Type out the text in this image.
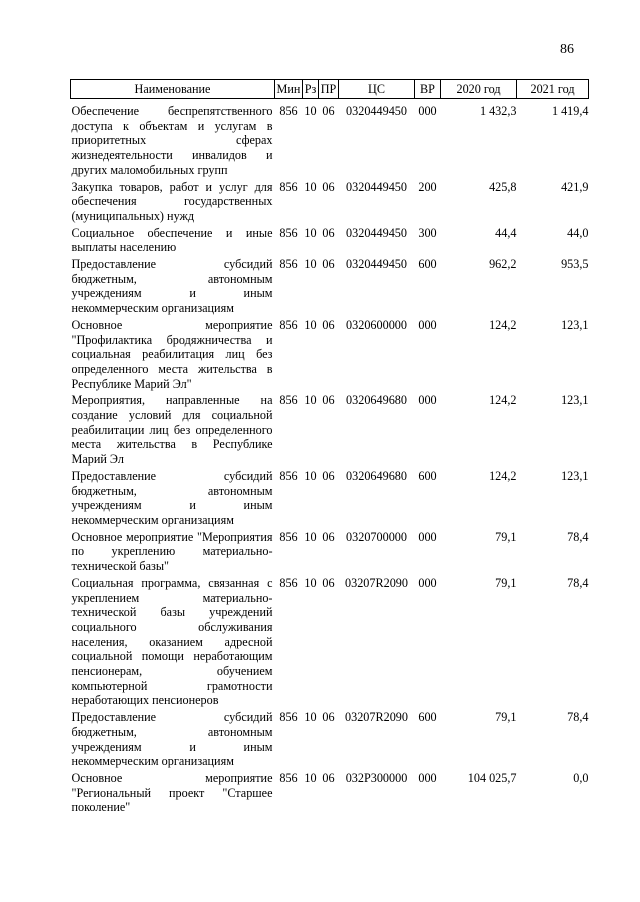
86
Наименование	Мин	Рз	ПР	ЦС	ВР	2020 год	2021 год
Обеспечение беспрепятственного доступа к объектам и услугам в приоритетных сферах жизнедеятельности инвалидов и других маломобильных групп	856	10	06	0320449450	000	1 432,3	1 419,4
Закупка товаров, работ и услуг для обеспечения государственных (муниципальных) нужд	856	10	06	0320449450	200	425,8	421,9
Социальное обеспечение и иные выплаты населению	856	10	06	0320449450	300	44,4	44,0
Предоставление субсидий бюджетным, автономным учреждениям и иным некоммерческим организациям	856	10	06	0320449450	600	962,2	953,5
Основное мероприятие "Профилактика бродяжничества и социальная реабилитация лиц без определенного места жительства в Республике Марий Эл"	856	10	06	0320600000	000	124,2	123,1
Мероприятия, направленные на создание условий для социальной реабилитации лиц без определенного места жительства в Республике Марий Эл	856	10	06	0320649680	000	124,2	123,1
Предоставление субсидий бюджетным, автономным учреждениям и иным некоммерческим организациям	856	10	06	0320649680	600	124,2	123,1
Основное мероприятие "Мероприятия по укреплению материально-технической базы"	856	10	06	0320700000	000	79,1	78,4
Социальная программа, связанная с укреплением материально-технической базы учреждений социального обслуживания населения, оказанием адресной социальной помощи неработающим пенсионерам, обучением компьютерной грамотности неработающих пенсионеров	856	10	06	03207R2090	000	79,1	78,4
Предоставление субсидий бюджетным, автономным учреждениям и иным некоммерческим организациям	856	10	06	03207R2090	600	79,1	78,4
Основное мероприятие "Региональный проект "Старшее поколение"	856	10	06	032P300000	000	104 025,7	0,0
